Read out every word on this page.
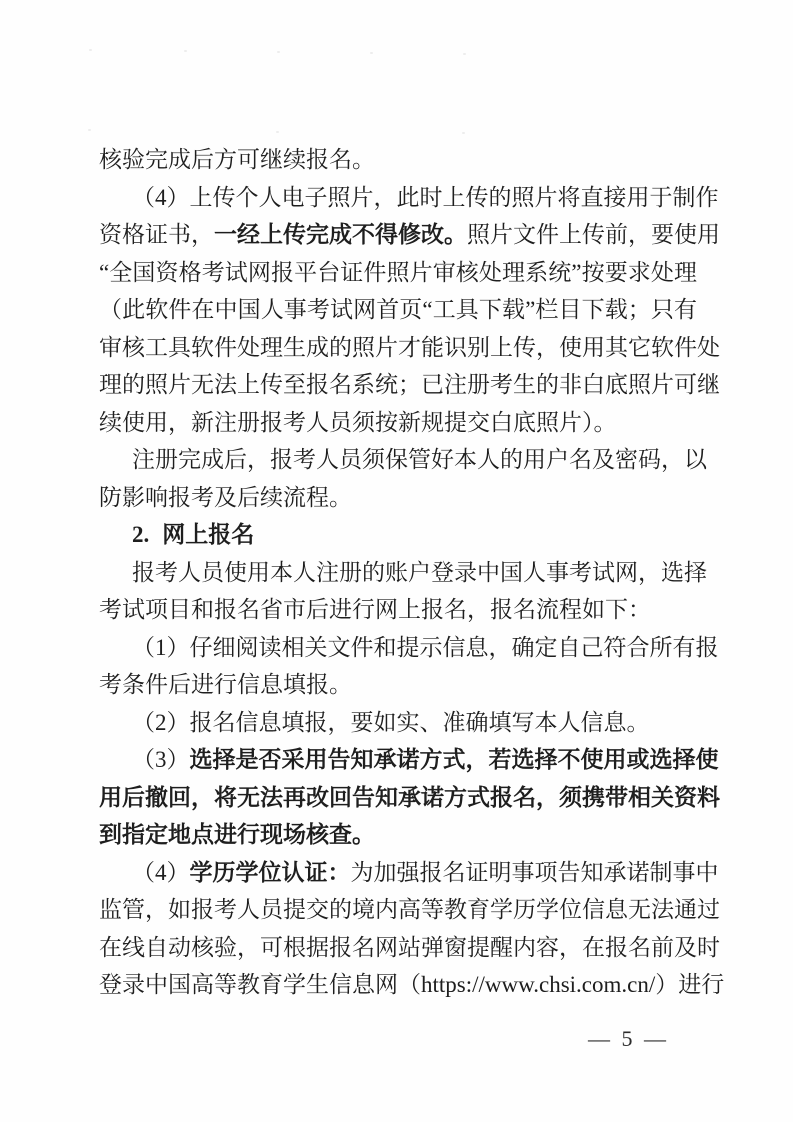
核验完成后方可继续报名。
（4）上传个人电子照片，此时上传的照片将直接用于制作
资格证书，一经上传完成不得修改。照片文件上传前，要使用
“全国资格考试网报平台证件照片审核处理系统”按要求处理
（此软件在中国人事考试网首页“工具下载”栏目下载；只有
审核工具软件处理生成的照片才能识别上传，使用其它软件处
理的照片无法上传至报名系统；已注册考生的非白底照片可继
续使用，新注册报考人员须按新规提交白底照片）。
注册完成后，报考人员须保管好本人的用户名及密码，以
防影响报考及后续流程。
2. 网上报名
报考人员使用本人注册的账户登录中国人事考试网，选择
考试项目和报名省市后进行网上报名，报名流程如下：
（1）仔细阅读相关文件和提示信息，确定自己符合所有报
考条件后进行信息填报。
（2）报名信息填报，要如实、准确填写本人信息。
（3）选择是否采用告知承诺方式，若选择不使用或选择使
用后撤回，将无法再改回告知承诺方式报名，须携带相关资料
到指定地点进行现场核查。
（4）学历学位认证：为加强报名证明事项告知承诺制事中
监管，如报考人员提交的境内高等教育学历学位信息无法通过
在线自动核验，可根据报名网站弹窗提醒内容，在报名前及时
登录中国高等教育学生信息网（https://www.chsi.com.cn/）进行
— 5 —
